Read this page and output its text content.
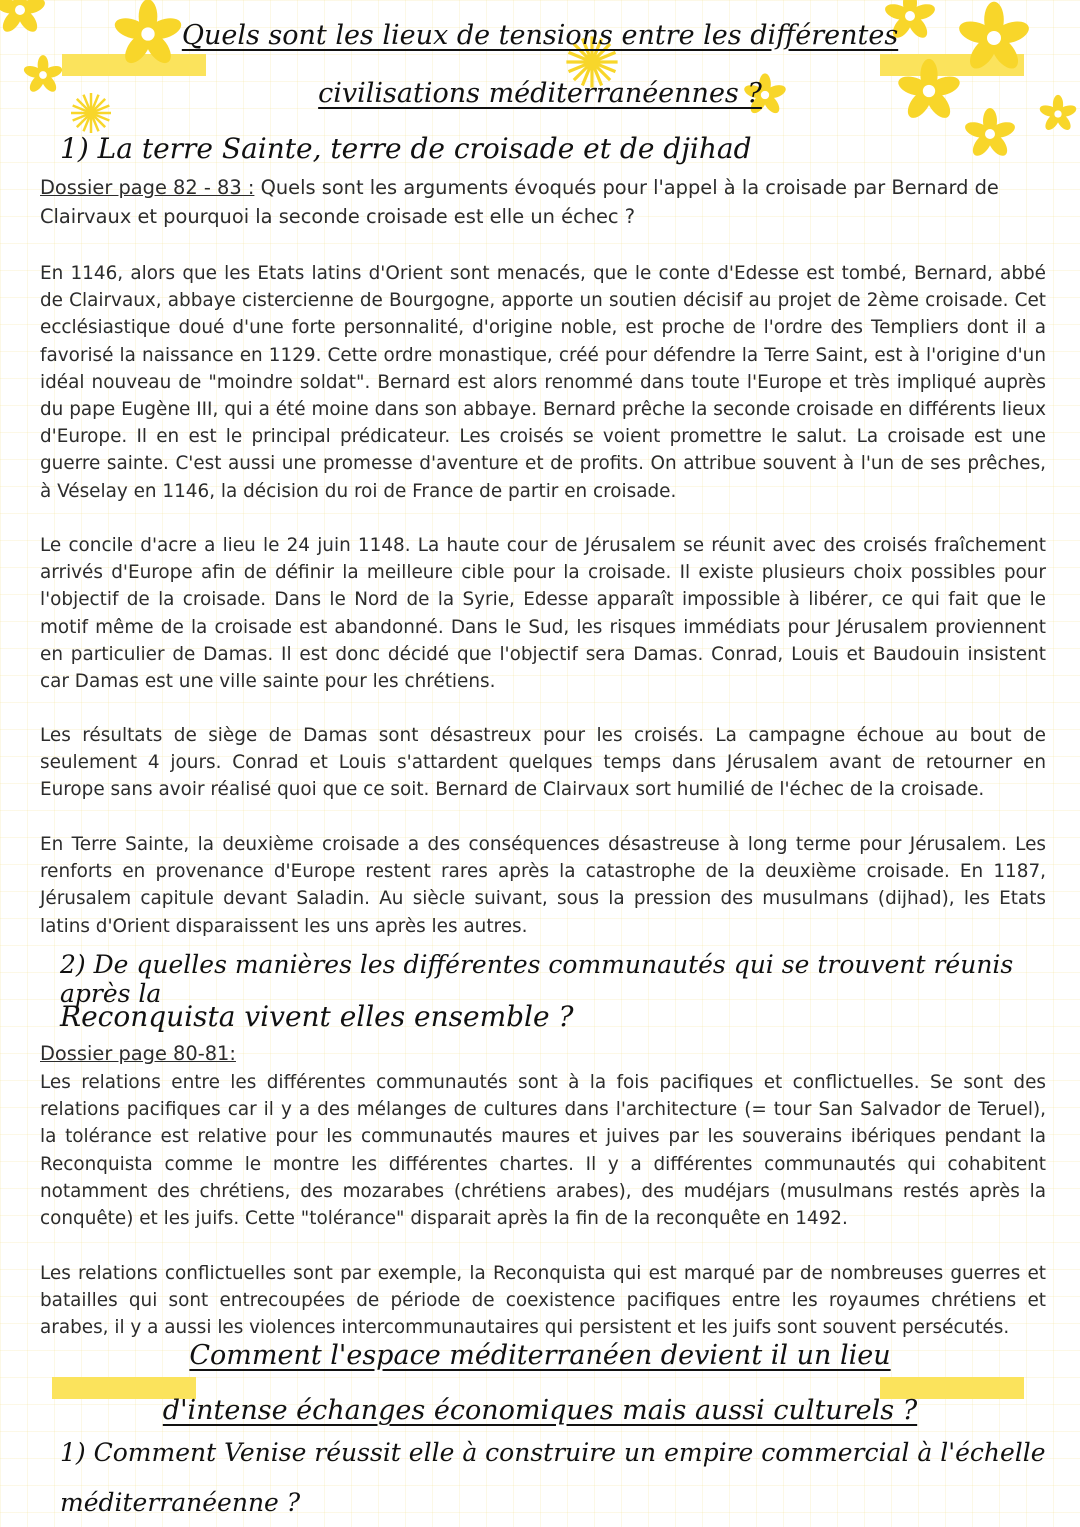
Quels sont les lieux de tensions entre les différentes
civilisations méditerranéennes ?
1) La terre Sainte, terre de croisade et de djihad

Dossier page 82 - 83 : Quels sont les arguments évoqués pour l'appel à la croisade par Bernard de Clairvaux et pourquoi la seconde croisade est elle un échec ?

En 1146, alors que les Etats latins d'Orient sont menacés, que le conte d'Edesse est tombé, Bernard, abbé de Clairvaux, abbaye cistercienne de Bourgogne, apporte un soutien décisif au projet de 2ème croisade. Cet ecclésiastique doué d'une forte personnalité, d'origine noble, est proche de l'ordre des Templiers dont il a favorisé la naissance en 1129. Cette ordre monastique, créé pour défendre la Terre Saint, est à l'origine d'un idéal nouveau de "moindre soldat". Bernard est alors renommé dans toute l'Europe et très impliqué auprès du pape Eugène III, qui a été moine dans son abbaye. Bernard prêche la seconde croisade en différents lieux d'Europe. Il en est le principal prédicateur. Les croisés se voient promettre le salut. La croisade est une guerre sainte. C'est aussi une promesse d'aventure et de profits. On attribue souvent à l'un de ses prêches, à Véselay en 1146, la décision du roi de France de partir en croisade.

Le concile d'acre a lieu le 24 juin 1148. La haute cour de Jérusalem se réunit avec des croisés fraîchement arrivés d'Europe afin de définir la meilleure cible pour la croisade. Il existe plusieurs choix possibles pour l'objectif de la croisade. Dans le Nord de la Syrie, Edesse apparaît impossible à libérer, ce qui fait que le motif même de la croisade est abandonné. Dans le Sud, les risques immédiats pour Jérusalem proviennent en particulier de Damas. Il est donc décidé que l'objectif sera Damas. Conrad, Louis et Baudouin insistent car Damas est une ville sainte pour les chrétiens.

Les résultats de siège de Damas sont désastreux pour les croisés. La campagne échoue au bout de seulement 4 jours. Conrad et Louis s'attardent quelques temps dans Jérusalem avant de retourner en Europe sans avoir réalisé quoi que ce soit. Bernard de Clairvaux sort humilié de l'échec de la croisade.

En Terre Sainte, la deuxième croisade a des conséquences désastreuse à long terme pour Jérusalem. Les renforts en provenance d'Europe restent rares après la catastrophe de la deuxième croisade. En 1187, Jérusalem capitule devant Saladin. Au siècle suivant, sous la pression des musulmans (dijhad), les Etats latins d'Orient disparaissent les uns après les autres.

2) De quelles manières les différentes communautés qui se trouvent réunis après la
Reconquista vivent elles ensemble ?

Dossier page 80-81:

Les relations entre les différentes communautés sont à la fois pacifiques et conflictuelles. Se sont des relations pacifiques car il y a des mélanges de cultures dans l'architecture (= tour San Salvador de Teruel), la tolérance est relative pour les communautés maures et juives par les souverains ibériques pendant la Reconquista comme le montre les différentes chartes. Il y a différentes communautés qui cohabitent notamment des chrétiens, des mozarabes (chrétiens arabes), des mudéjars (musulmans restés après la conquête) et les juifs. Cette "tolérance" disparait après la fin de la reconquête en 1492.

Les relations conflictuelles sont par exemple, la Reconquista qui est marqué par de nombreuses guerres et batailles qui sont entrecoupées de période de coexistence pacifiques entre les royaumes chrétiens et arabes, il y a aussi les violences intercommunautaires qui persistent et les juifs sont souvent persécutés.

Comment l'espace méditerranéen devient il un lieu
d'intense échanges économiques mais aussi culturels ?
1) Comment Venise réussit elle à construire un empire commercial à l'échelle
méditerranéenne ?
